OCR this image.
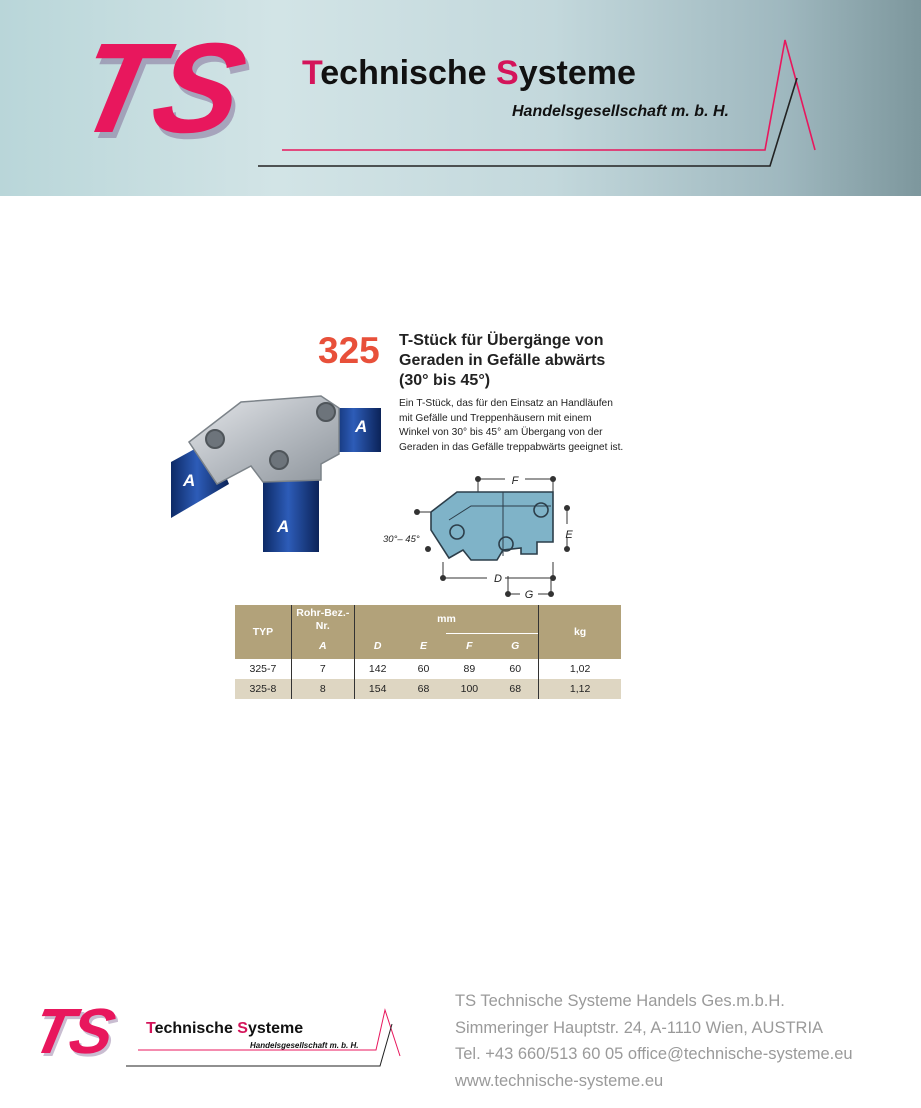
TS Technische Systeme
Handelsgesellschaft m. b. H.
A
A
A
325 T-Stück für Übergänge von Geraden in Gefälle abwärts (30° bis 45°)
Ein T-Stück, das für den Einsatz an Handläufen mit Gefälle und Treppenhäusern mit einem Winkel von 30° bis 45° am Übergang von der Geraden in das Gefälle treppabwärts geeignet ist.
F
E
D
G
30°– 45°
TYP	Rohr-Bez.-Nr.	mm				kg
	A	D	E	F	G	
325-7	7	142	60	89	60	1,02
325-8	8	154	68	100	68	1,12
TS Technische Systeme
Handelsgesellschaft m. b. H.
TS Technische Systeme Handels Ges.m.b.H.
Simmeringer Hauptstr. 24, A-1110 Wien, AUSTRIA
Tel. +43 660/513 60 05 office@technische-systeme.eu
www.technische-systeme.eu
